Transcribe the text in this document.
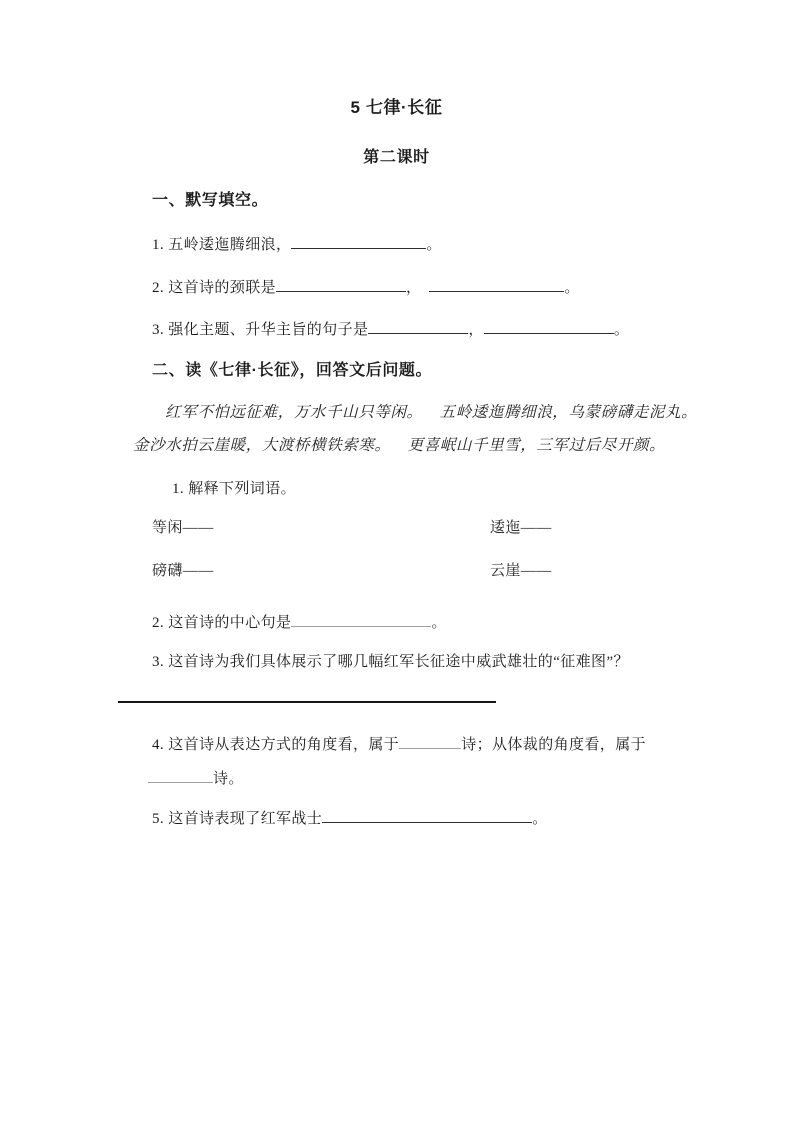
5 七律·长征
第二课时
一、默写填空。
1. 五岭逶迤腾细浪，	。
2. 这首诗的颈联是	，	。
3. 强化主题、升华主旨的句子是	，	。
二、读《七律·长征》，回答文后问题。
红军不怕远征难，万水千山只等闲。 五岭逶迤腾细浪，乌蒙磅礴走泥丸。
金沙水拍云崖暖，大渡桥横铁索寒。 更喜岷山千里雪，三军过后尽开颜。
1. 解释下列词语。
等闲——	逶迤——
磅礴——	云崖——
2. 这首诗的中心句是	。
3. 这首诗为我们具体展示了哪几幅红军长征途中威武雄壮的“征难图”？
4. 这首诗从表达方式的角度看，属于	诗；从体裁的角度看，属于
诗。
5. 这首诗表现了红军战士	。
